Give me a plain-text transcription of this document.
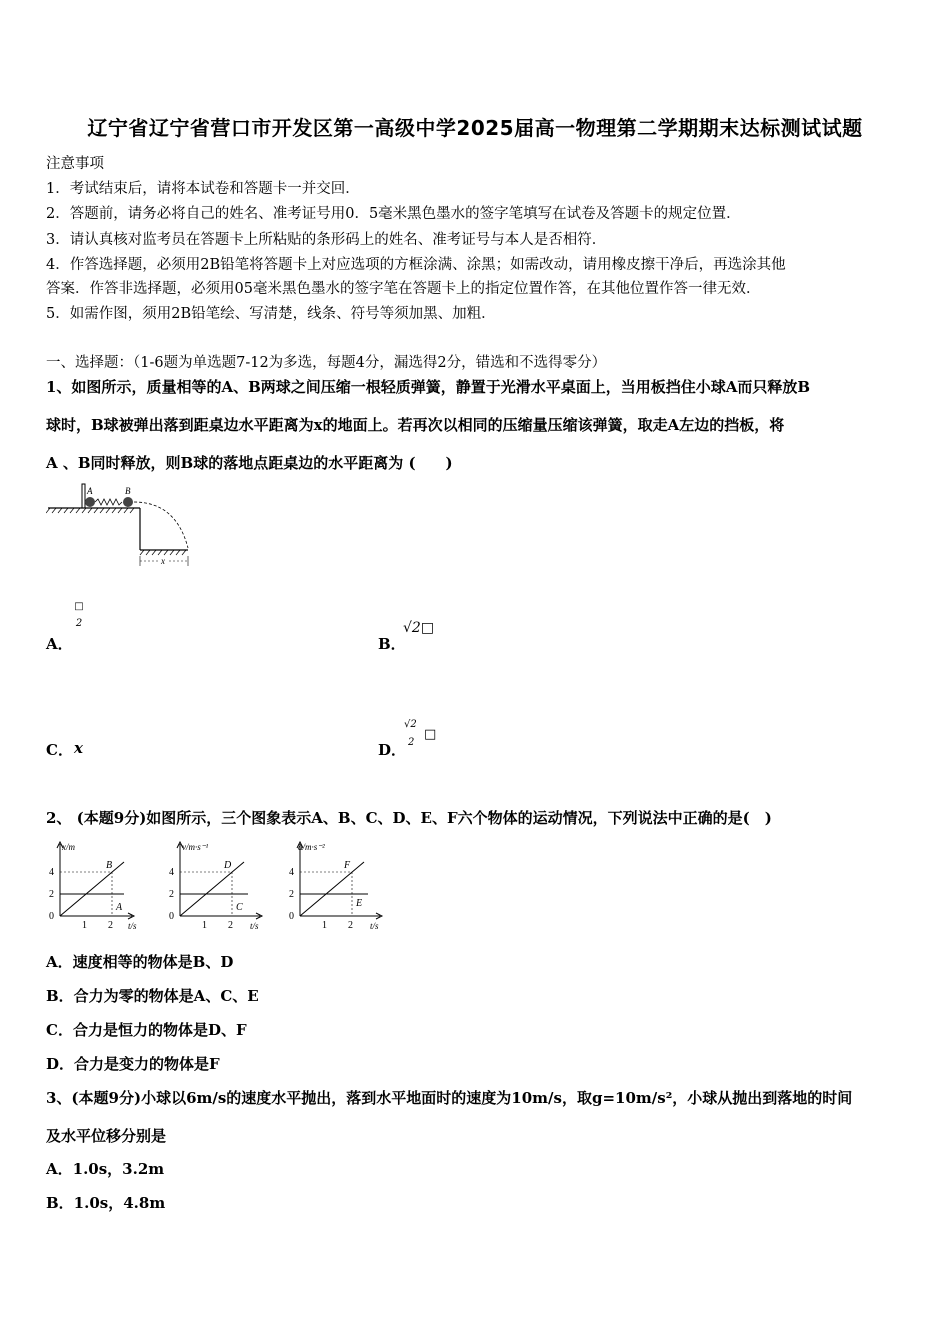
辽宁省辽宁省营口市开发区第一高级中学2025届高一物理第二学期期末达标测试试题
注意事项
1．考试结束后，请将本试卷和答题卡一并交回．
2．答题前，请务必将自己的姓名、准考证号用0．5毫米黑色墨水的签字笔填写在试卷及答题卡的规定位置．
3．请认真核对监考员在答题卡上所粘贴的条形码上的姓名、准考证号与本人是否相符．
4．作答选择题，必须用2B铅笔将答题卡上对应选项的方框涂满、涂黑；如需改动，请用橡皮擦干净后，再选涂其他
答案．作答非选择题，必须用05毫米黑色墨水的签字笔在答题卡上的指定位置作答，在其他位置作答一律无效．
5．如需作图，须用2B铅笔绘、写清楚，线条、符号等须加黑、加粗．
一、选择题：（1-6题为单选题7-12为多选，每题4分，漏选得2分，错选和不选得零分）
1、如图所示，质量相等的A、B两球之间压缩一根轻质弹簧，静置于光滑水平桌面上，当用板挡住小球A而只释放B
球时，B球被弹出落到距桌边水平距离为x的地面上。若再次以相同的压缩量压缩该弹簧，取走A左边的挡板，将
A 、B同时释放，则B球的落地点距桌边的水平距离为 (　　)
A	B
x
A．
□
2
B．
√2□
C． x	D．
√2
2
□
2、 (本题9分)如图所示，三个图象表示A、B、C、D、E、F六个物体的运动情况，下列说法中正确的是(　)
x/m
t/s
4
2
0
1 2
B
A
v/m·s⁻¹
t/s
4
2
0
1 2
D
C
a/m·s⁻²
t/s
4
2
0
1 2
F
E
A．速度相等的物体是B、D
B．合力为零的物体是A、C、E
C．合力是恒力的物体是D、F
D．合力是变力的物体是F
3、(本题9分)小球以6m/s的速度水平抛出，落到水平地面时的速度为10m/s，取g=10m/s²，小球从抛出到落地的时间
及水平位移分别是
A．1.0s，3.2m
B．1.0s，4.8m
